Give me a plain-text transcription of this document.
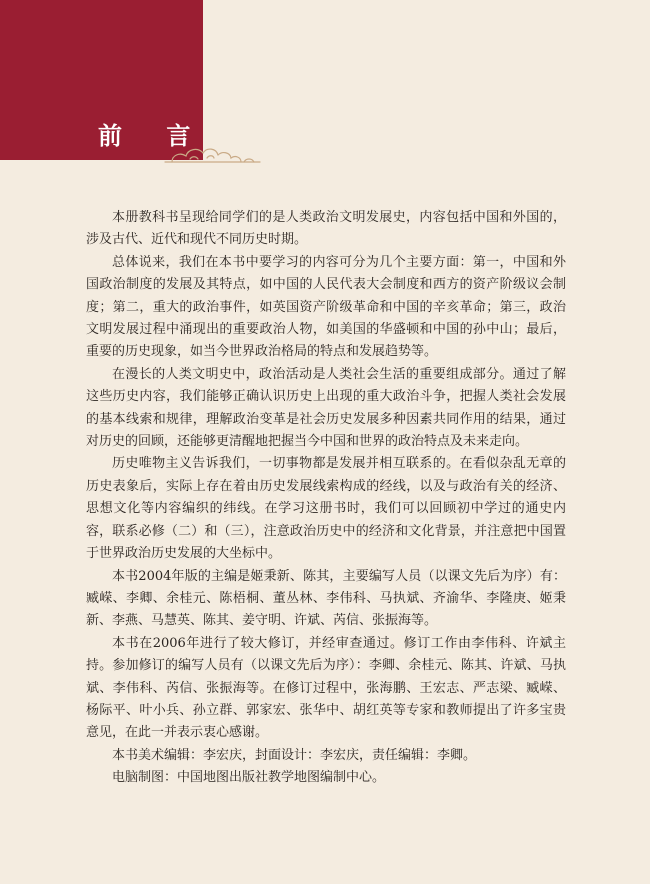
前 言

本册教科书呈现给同学们的是人类政治文明发展史，内容包括中国和外国的，涉及古代、近代和现代不同历史时期。

总体说来，我们在本书中要学习的内容可分为几个主要方面：第一，中国和外国政治制度的发展及其特点，如中国的人民代表大会制度和西方的资产阶级议会制度；第二，重大的政治事件，如英国资产阶级革命和中国的辛亥革命；第三，政治文明发展过程中涌现出的重要政治人物，如美国的华盛顿和中国的孙中山；最后，重要的历史现象，如当今世界政治格局的特点和发展趋势等。

在漫长的人类文明史中，政治活动是人类社会生活的重要组成部分。通过了解这些历史内容，我们能够正确认识历史上出现的重大政治斗争，把握人类社会发展的基本线索和规律，理解政治变革是社会历史发展多种因素共同作用的结果，通过对历史的回顾，还能够更清醒地把握当今中国和世界的政治特点及未来走向。

历史唯物主义告诉我们，一切事物都是发展并相互联系的。在看似杂乱无章的历史表象后，实际上存在着由历史发展线索构成的经线，以及与政治有关的经济、思想文化等内容编织的纬线。在学习这册书时，我们可以回顾初中学过的通史内容，联系必修（二）和（三），注意政治历史中的经济和文化背景，并注意把中国置于世界政治历史发展的大坐标中。

本书2004年版的主编是姬秉新、陈其，主要编写人员（以课文先后为序）有：臧嵘、李卿、余桂元、陈梧桐、董丛林、李伟科、马执斌、齐渝华、李隆庚、姬秉新、李燕、马慧英、陈其、姜守明、许斌、芮信、张振海等。

本书在2006年进行了较大修订，并经审查通过。修订工作由李伟科、许斌主持。参加修订的编写人员有（以课文先后为序）：李卿、余桂元、陈其、许斌、马执斌、李伟科、芮信、张振海等。在修订过程中，张海鹏、王宏志、严志梁、臧嵘、杨际平、叶小兵、孙立群、郭家宏、张华中、胡红英等专家和教师提出了许多宝贵意见，在此一并表示衷心感谢。

本书美术编辑：李宏庆，封面设计：李宏庆，责任编辑：李卿。

电脑制图：中国地图出版社教学地图编制中心。
